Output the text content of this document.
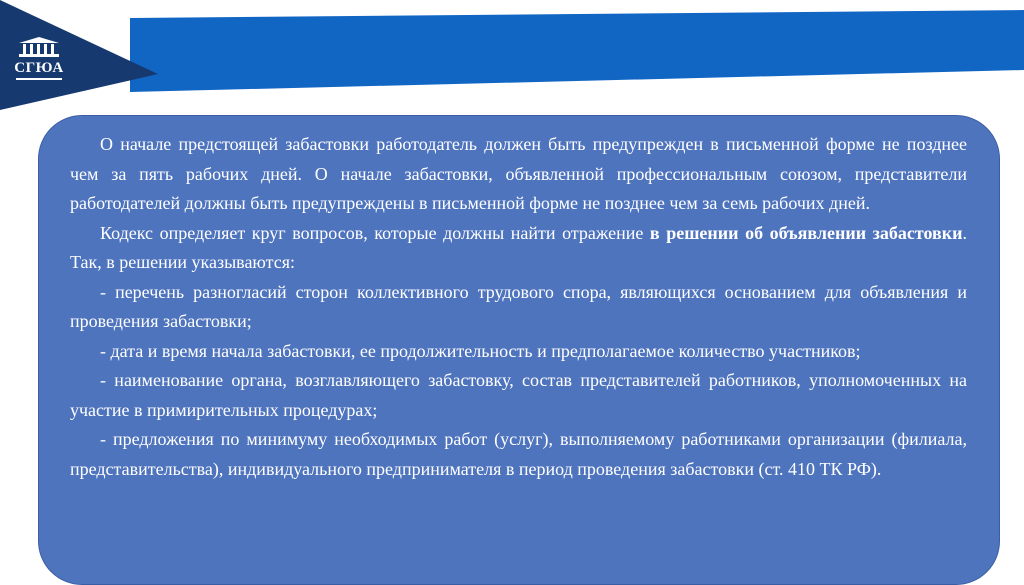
СГЮА

О начале предстоящей забастовки работодатель должен быть предупрежден в письменной форме не позднее чем за пять рабочих дней. О начале забастовки, объявленной профессиональным союзом, представители работодателей должны быть предупреждены в письменной форме не позднее чем за семь рабочих дней.

Кодекс определяет круг вопросов, которые должны найти отражение в решении об объявлении забастовки. Так, в решении указываются:

- перечень разногласий сторон коллективного трудового спора, являющихся основанием для объявления и проведения забастовки;

- дата и время начала забастовки, ее продолжительность и предполагаемое количество участников;

- наименование органа, возглавляющего забастовку, состав представителей работников, уполномоченных на участие в примирительных процедурах;

- предложения по минимуму необходимых работ (услуг), выполняемому работниками организации (филиала, представительства), индивидуального предпринимателя в период проведения забастовки (ст. 410 ТК РФ).
